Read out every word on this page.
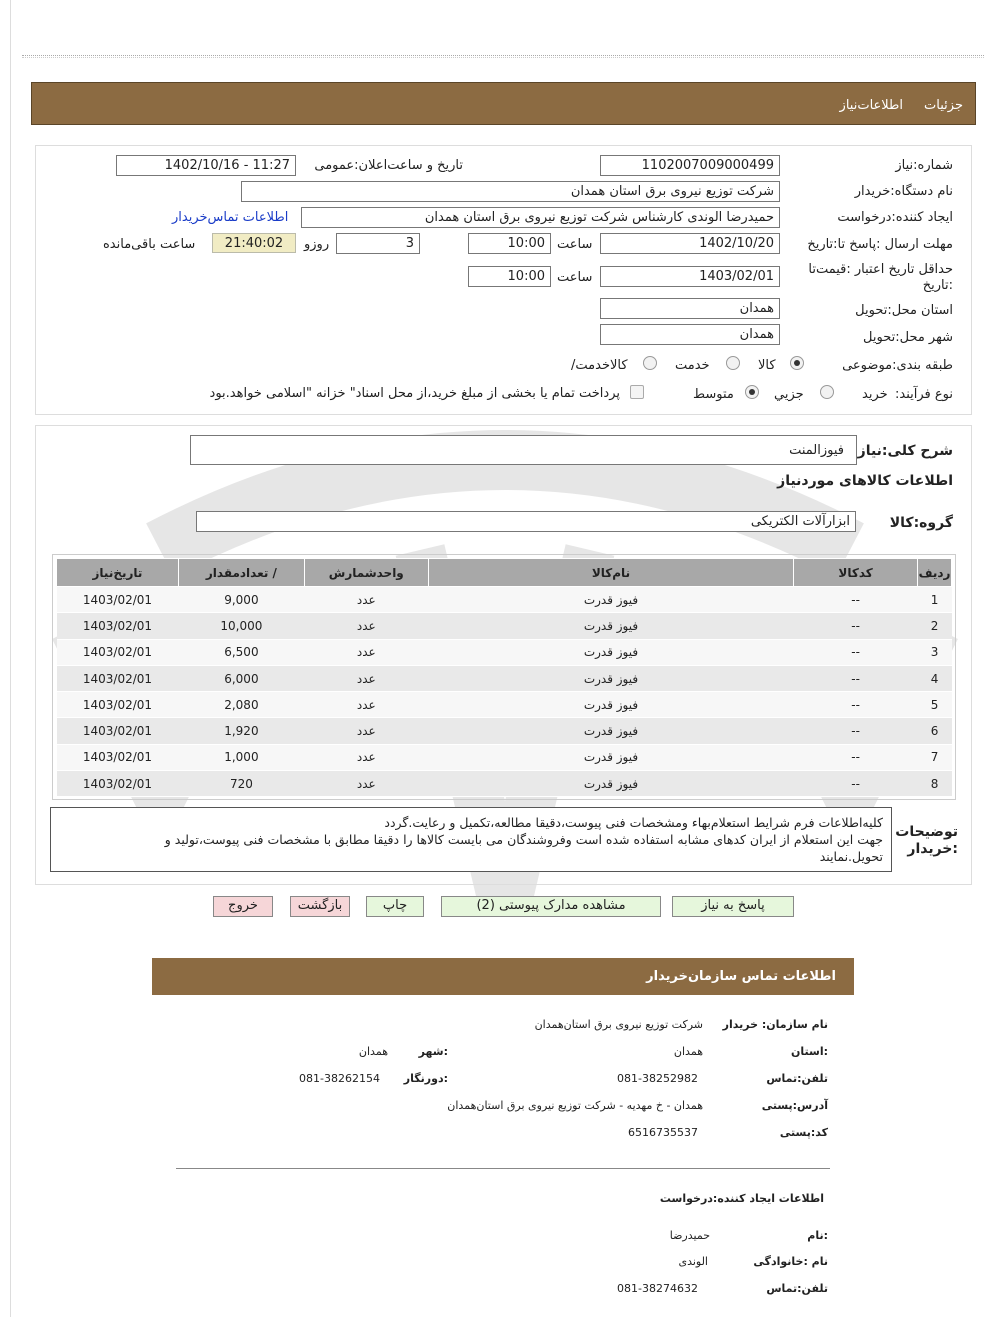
جزئیات
اطلاعات‌نیاز
شماره:نیاز
1102007009000499
تاریخ و ساعت‌اعلان:عمومی
1402/10/16 - 11:27
نام دستگاه:خریدار
شرکت توزیع نیروی برق استان همدان
ایجاد کننده:درخواست
حمیدرضا الوندی کارشناس شرکت توزیع نیروی برق استان همدان
اطلاعات تماس‌خریدار
مهلت ارسال :پاسخ تا:تاریخ
1402/10/20
ساعت
10:00
3
روزو
21:40:02
ساعت باقی‌مانده
حداقل تاریخ اعتبار :قیمت‌تا
:تاریخ
1403/02/01
ساعت
10:00
استان محل:تحویل
همدان
شهر محل:تحویل
همدان
طبقه بندی:موضوعی
کالا
خدمت
/کالاخدمت
نوع فرآیند:
خرید
جزیي
متوسط
پرداخت تمام یا بخشی از مبلغ خرید،از محل اسناد" خزانه "اسلامی خواهد.بود
شرح کلی:نیاز
فیوزالمنت
اطلاعات کالاهای مورد‌نیاز
گروه:کالا
ابزارآلات الکتریکی
ردیف	کدکالا	نام‌کالا	واحد‌شمارش	/ تعداد‌مقدار	تاریخ‌نیاز
1	--	فیوز قدرت	عدد	9,000	1403/02/01
2	--	فیوز قدرت	عدد	10,000	1403/02/01
3	--	فیوز قدرت	عدد	6,500	1403/02/01
4	--	فیوز قدرت	عدد	6,000	1403/02/01
5	--	فیوز قدرت	عدد	2,080	1403/02/01
6	--	فیوز قدرت	عدد	1,920	1403/02/01
7	--	فیوز قدرت	عدد	1,000	1403/02/01
8	--	فیوز قدرت	عدد	720	1403/02/01
توضیحات
:خریدار
کلیه‌اطلاعات فرم شرایط استعلام‌بهاء ومشخصات فنی پیوست،دقیقا مطالعه،تکمیل و رعایت.گردد
جهت این استعلام از ایران کدهای مشابه استفاده شده است وفروشندگان می بایست کالاها را دقیقا مطابق با مشخصات فنی پیوست،تولید و
تحویل.نمایند
پاسخ به نیاز
مشاهده مدارک پیوستی (2)
چاپ
بازگشت
خروج
اطلاعات تماس سازمان‌خریدار
نام سازمان: خریدار
شرکت توزیع نیروی برق استان‌همدان
:استان
همدان
:شهر
همدان
تلفن:تماس
081-38252982
:دورنگار
081-38262154
آدرس:پستی
همدان - خ مهدیه - شرکت توزیع نیروی برق استان‌همدان
کد:پستی
6516735537
اطلاعات ایجاد کننده:درخواست
:نام
حمیدرضا
نام :خانوادگی
الوندی
تلفن:تماس
081-38274632
